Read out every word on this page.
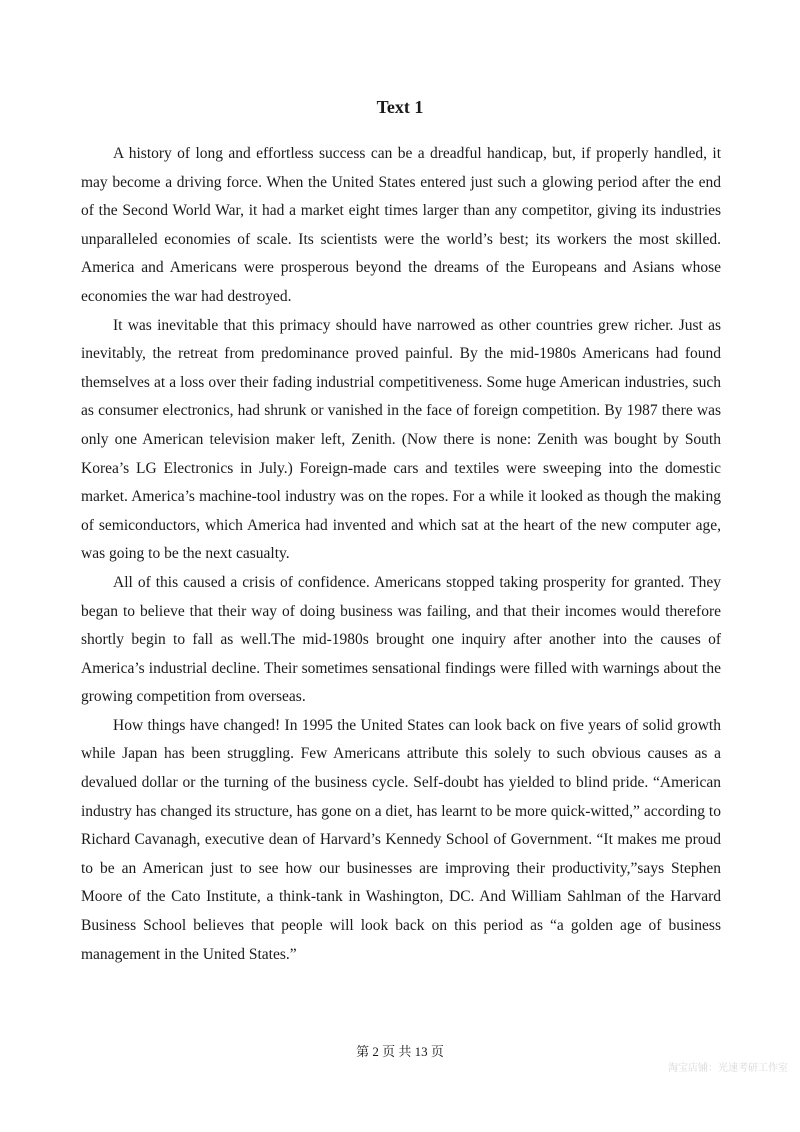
Text 1

A history of long and effortless success can be a dreadful handicap, but, if properly handled, it may become a driving force. When the United States entered just such a glowing period after the end of the Second World War, it had a market eight times larger than any competitor, giving its industries unparalleled economies of scale. Its scientists were the world’s best; its workers the most skilled. America and Americans were prosperous beyond the dreams of the Europeans and Asians whose economies the war had destroyed.

It was inevitable that this primacy should have narrowed as other countries grew richer. Just as inevitably, the retreat from predominance proved painful. By the mid-1980s Americans had found themselves at a loss over their fading industrial competitiveness. Some huge American industries, such as consumer electronics, had shrunk or vanished in the face of foreign competition. By 1987 there was only one American television maker left, Zenith. (Now there is none: Zenith was bought by South Korea’s LG Electronics in July.) Foreign-made cars and textiles were sweeping into the domestic market. America’s machine-tool industry was on the ropes. For a while it looked as though the making of semiconductors, which America had invented and which sat at the heart of the new computer age, was going to be the next casualty.

All of this caused a crisis of confidence. Americans stopped taking prosperity for granted. They began to believe that their way of doing business was failing, and that their incomes would therefore shortly begin to fall as well.The mid-1980s brought one inquiry after another into the causes of America’s industrial decline. Their sometimes sensational findings were filled with warnings about the growing competition from overseas.

How things have changed! In 1995 the United States can look back on five years of solid growth while Japan has been struggling. Few Americans attribute this solely to such obvious causes as a devalued dollar or the turning of the business cycle. Self-doubt has yielded to blind pride. “American industry has changed its structure, has gone on a diet, has learnt to be more quick-witted,” according to Richard Cavanagh, executive dean of Harvard’s Kennedy School of Government. “It makes me proud to be an American just to see how our businesses are improving their productivity,”says Stephen Moore of the Cato Institute, a think-tank in Washington, DC. And William Sahlman of the Harvard Business School believes that people will look back on this period as “a golden age of business management in the United States.”

第 2 页 共 13 页
淘宝店铺：光速考研工作室
